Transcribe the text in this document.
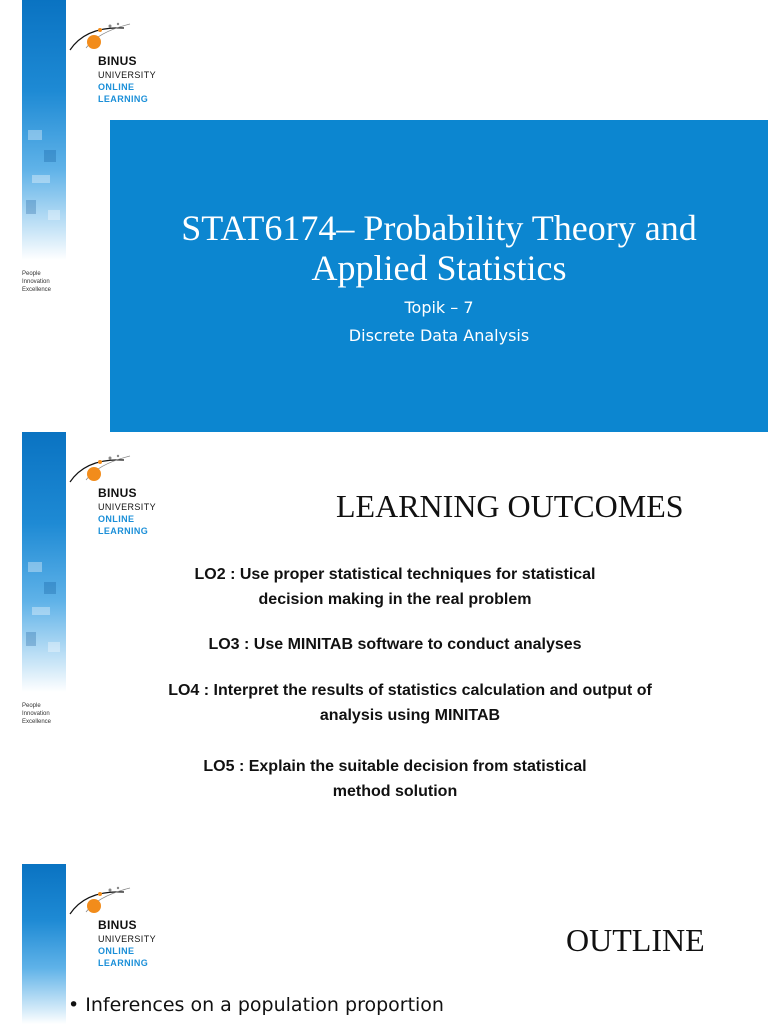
BINUS
UNIVERSITY
ONLINE
LEARNING
People
Innovation
Excellence
STAT6174– Probability Theory and
Applied Statistics
Topik – 7
Discrete Data Analysis
BINUS
UNIVERSITY
ONLINE
LEARNING
People
Innovation
Excellence
LEARNING OUTCOMES
LO2 : Use proper statistical techniques for statistical
decision making in the real problem
LO3 : Use MINITAB software to conduct analyses
LO4 : Interpret the results of statistics calculation and output of
analysis using MINITAB
LO5 : Explain the suitable decision from statistical
method solution
BINUS
UNIVERSITY
ONLINE
LEARNING
OUTLINE
• Inferences on a population proportion
